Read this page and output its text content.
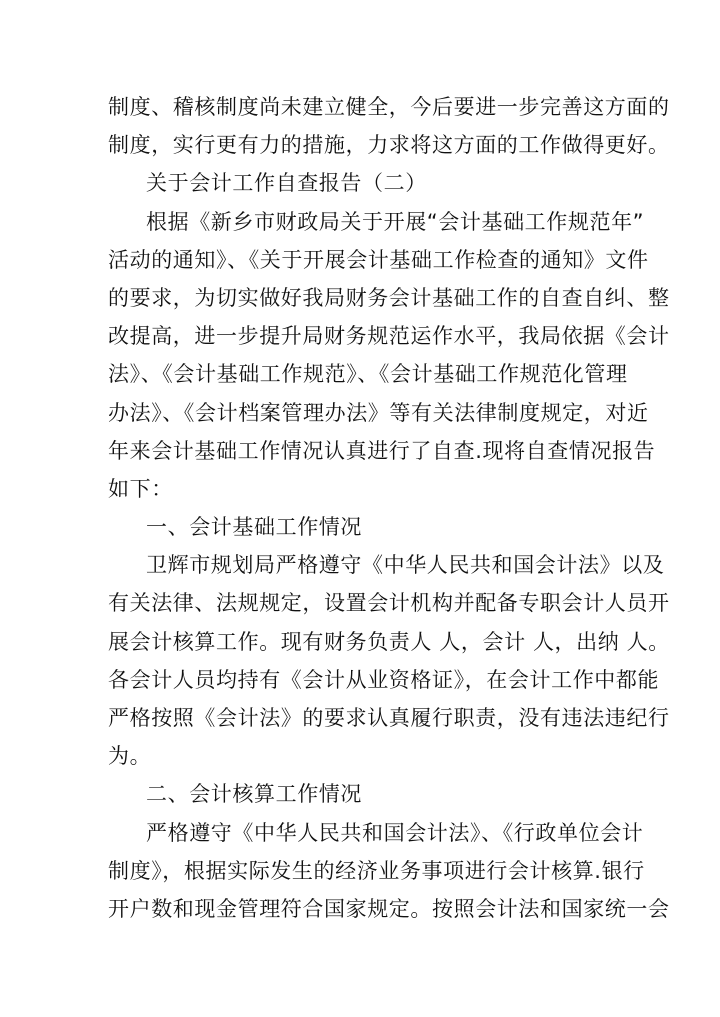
制度、稽核制度尚未建立健全，今后要进一步完善这方面的
制度，实行更有力的措施，力求将这方面的工作做得更好。
关于会计工作自查报告（二）
根据《新乡市财政局关于开展“会计基础工作规范年”
活动的通知》、《关于开展会计基础工作检查的通知》文件
的要求，为切实做好我局财务会计基础工作的自查自纠、整
改提高，进一步提升局财务规范运作水平，我局依据《会计
法》、《会计基础工作规范》、《会计基础工作规范化管理
办法》、《会计档案管理办法》等有关法律制度规定，对近
年来会计基础工作情况认真进行了自查.现将自查情况报告
如下：
一、会计基础工作情况
卫辉市规划局严格遵守《中华人民共和国会计法》以及
有关法律、法规规定，设置会计机构并配备专职会计人员开
展会计核算工作。现有财务负责人 人，会计 人，出纳 人。
各会计人员均持有《会计从业资格证》，在会计工作中都能
严格按照《会计法》的要求认真履行职责，没有违法违纪行
为。
二、会计核算工作情况
严格遵守《中华人民共和国会计法》、《行政单位会计
制度》，根据实际发生的经济业务事项进行会计核算.银行
开户数和现金管理符合国家规定。按照会计法和国家统一会
